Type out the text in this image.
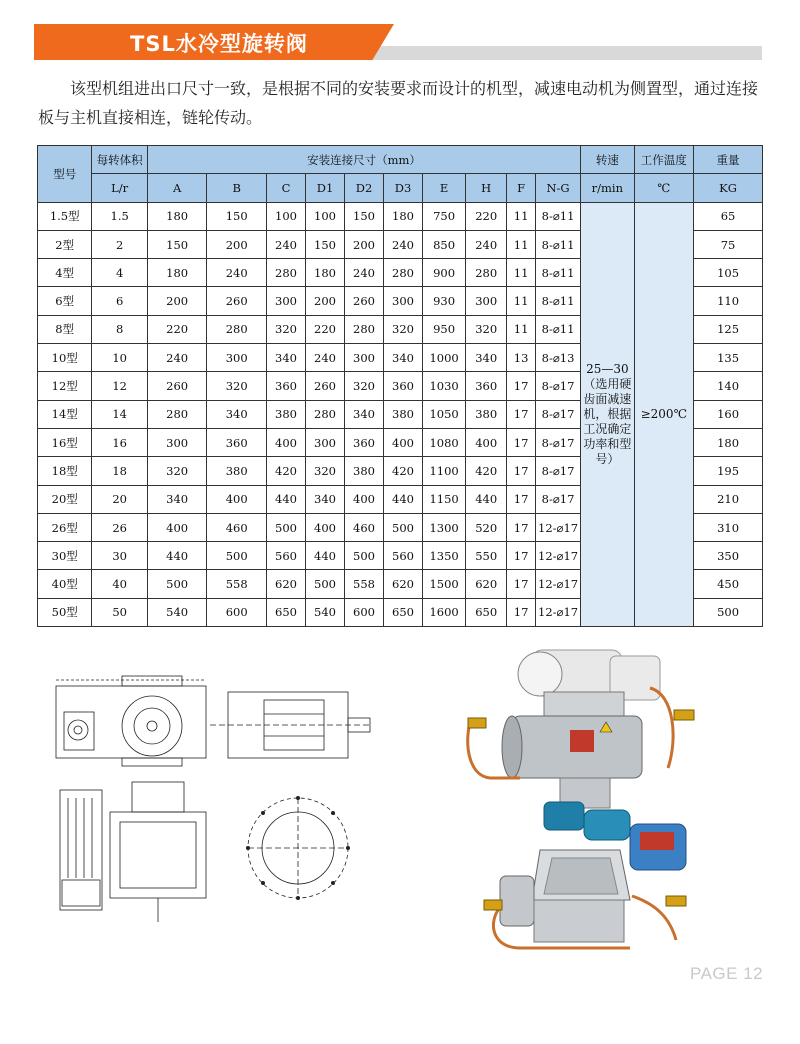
TSL水冷型旋转阀
该型机组进出口尺寸一致，是根据不同的安装要求而设计的机型，减速电动机为侧置型，通过连接板与主机直接相连，链轮传动。
型号	每转体积	安装连接尺寸（mm）										转速	工作温度	重量
	L/r	A	B	C	D1	D2	D3	E	H	F	N-G	r/min	℃	KG
1.5型	1.5	180	150	100	100	150	180	750	220	11	8-⌀11	25—30（选用硬齿面减速机，根据工况确定功率和型号）	≥200℃	65
2型	2	150	200	240	150	200	240	850	240	11	8-⌀11			75
4型	4	180	240	280	180	240	280	900	280	11	8-⌀11			105
6型	6	200	260	300	200	260	300	930	300	11	8-⌀11			110
8型	8	220	280	320	220	280	320	950	320	11	8-⌀11			125
10型	10	240	300	340	240	300	340	1000	340	13	8-⌀13			135
12型	12	260	320	360	260	320	360	1030	360	17	8-⌀17			140
14型	14	280	340	380	280	340	380	1050	380	17	8-⌀17			160
16型	16	300	360	400	300	360	400	1080	400	17	8-⌀17			180
18型	18	320	380	420	320	380	420	1100	420	17	8-⌀17			195
20型	20	340	400	440	340	400	440	1150	440	17	8-⌀17			210
26型	26	400	460	500	400	460	500	1300	520	17	12-⌀17			310
30型	30	440	500	560	440	500	560	1350	550	17	12-⌀17			350
40型	40	500	558	620	500	558	620	1500	620	17	12-⌀17			450
50型	50	540	600	650	540	600	650	1600	650	17	12-⌀17			500
PAGE 12
